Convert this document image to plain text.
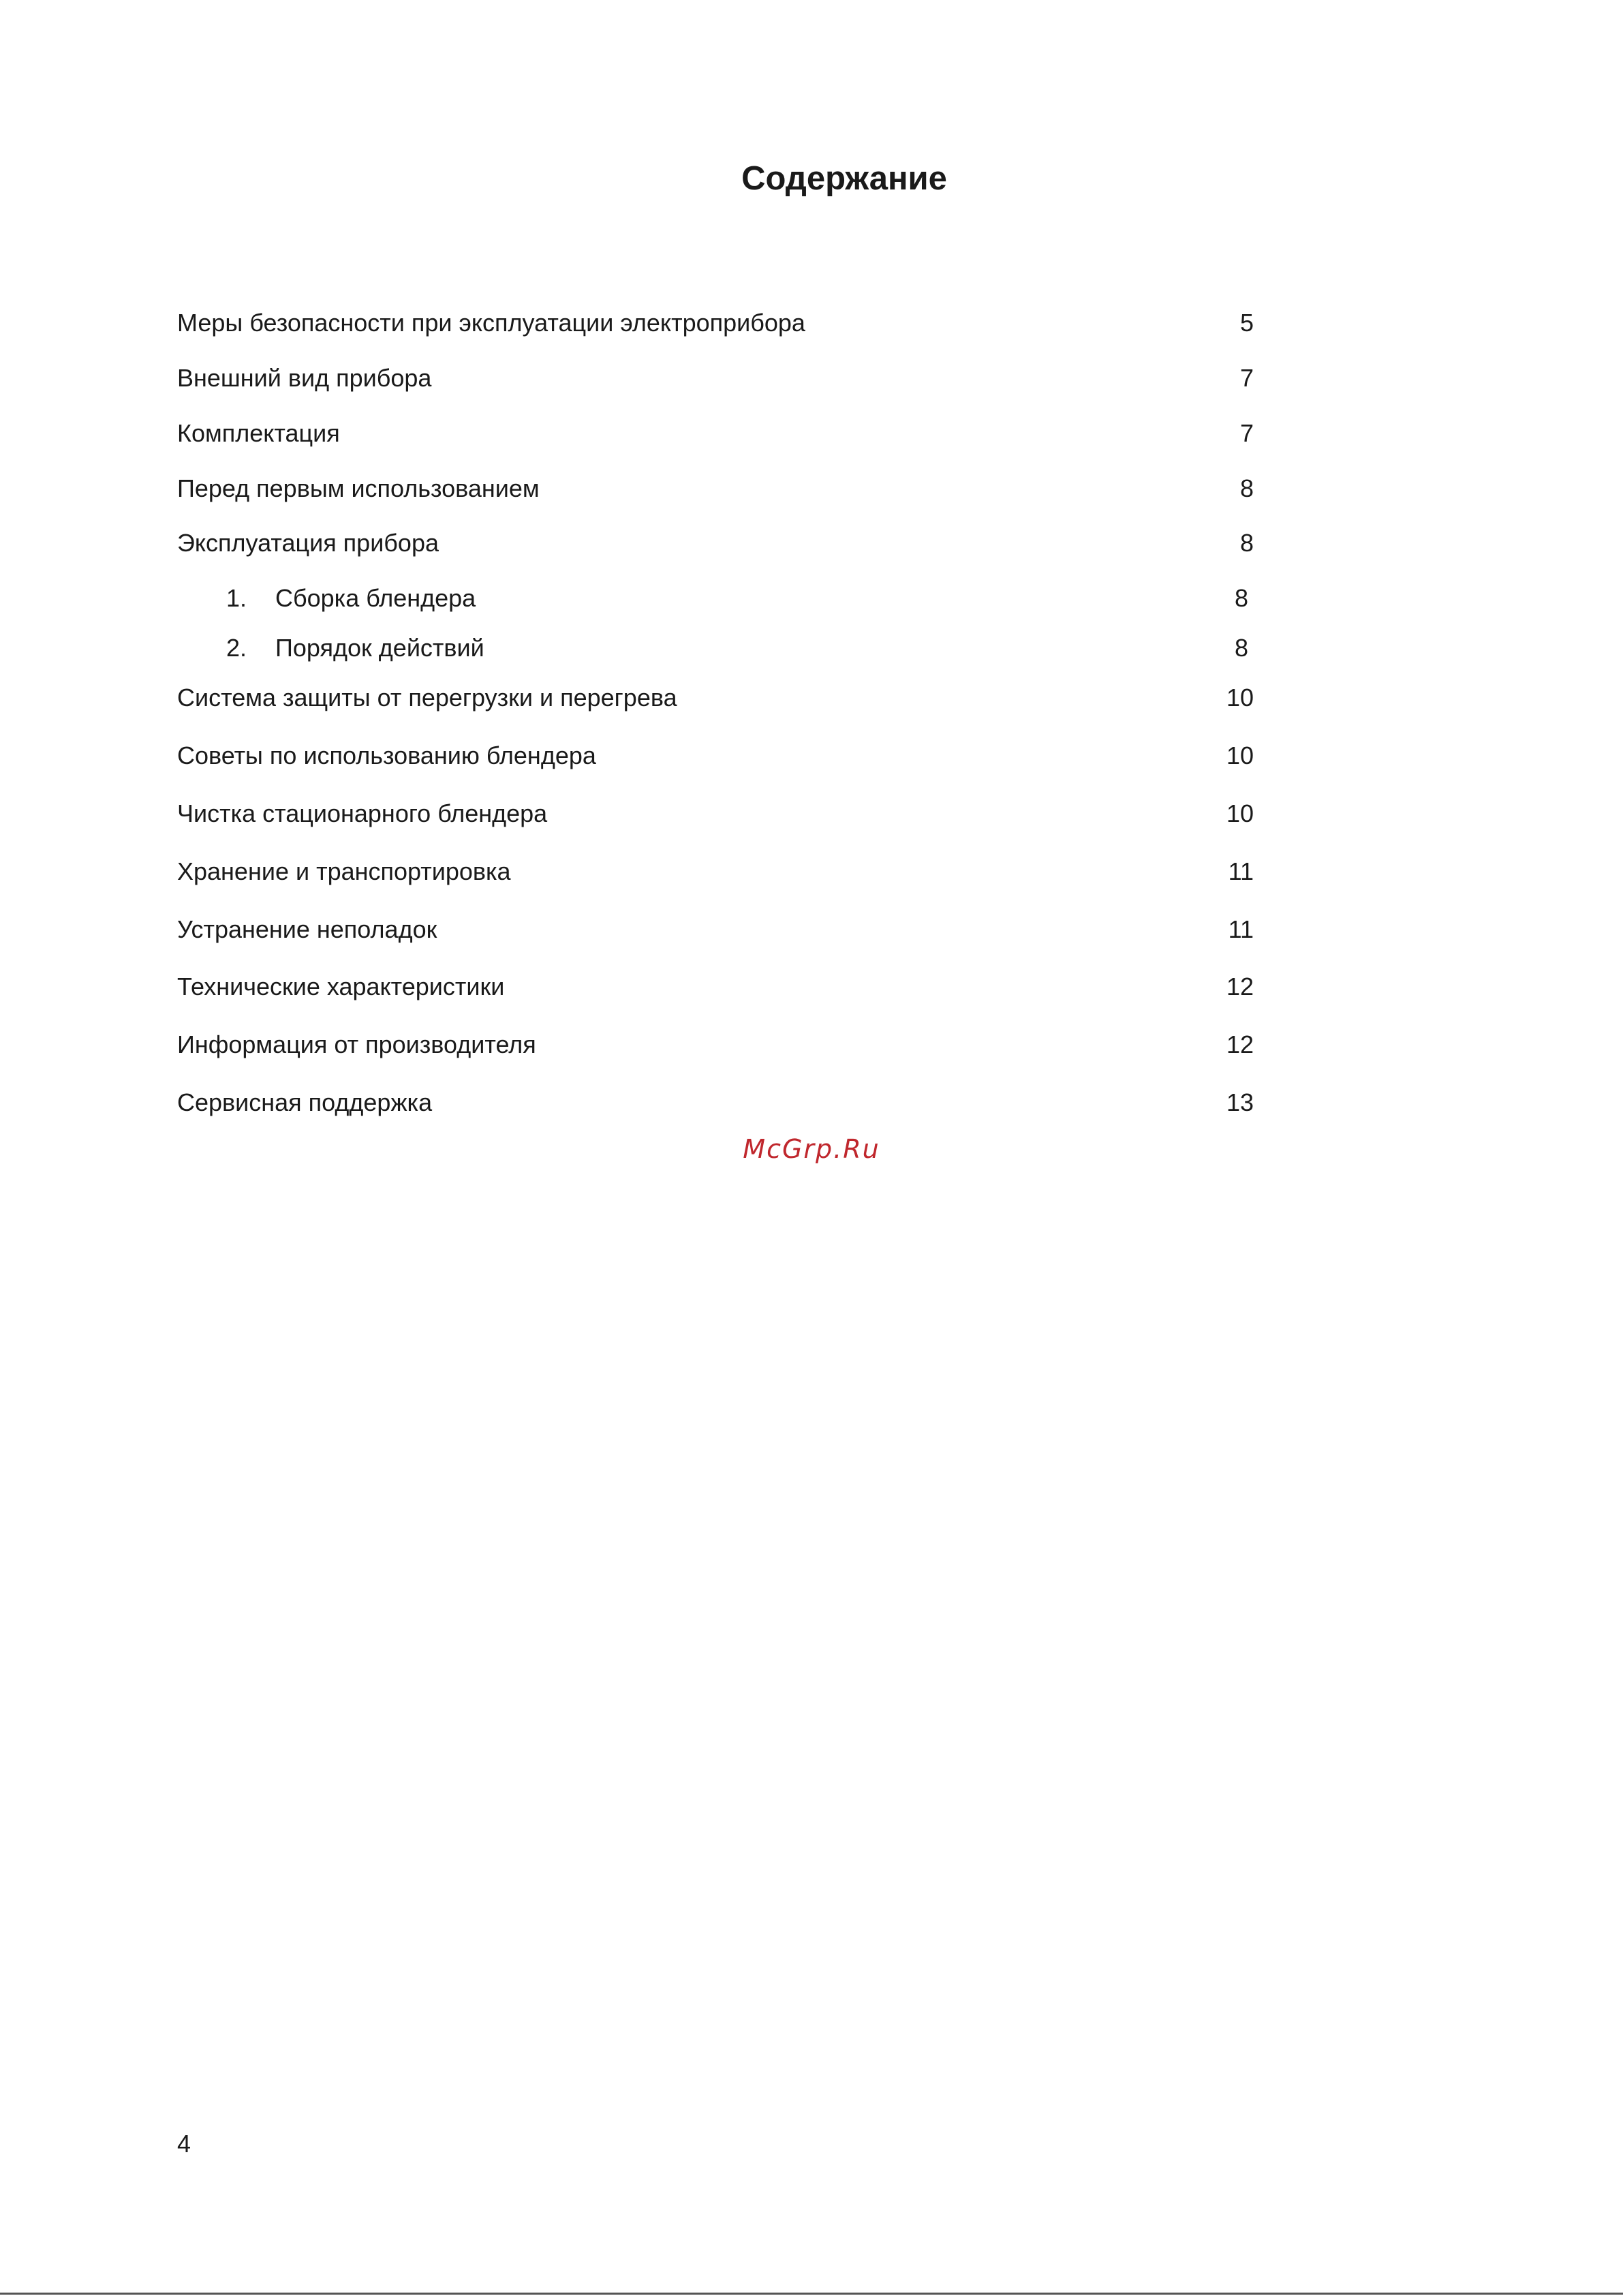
Содержание
Меры безопасности при эксплуатации электроприбора	5
Внешний вид прибора	7
Комплектация	7
Перед первым использованием	8
Эксплуатация прибора	8
1. Сборка блендера	8
2. Порядок действий	8
Система защиты от перегрузки и перегрева	10
Советы по использованию блендера	10
Чистка стационарного блендера	10
Хранение и транспортировка	11
Устранение неполадок	11
Технические характеристики	12
Информация от производителя	12
Сервисная поддержка	13
McGrp.Ru
4
